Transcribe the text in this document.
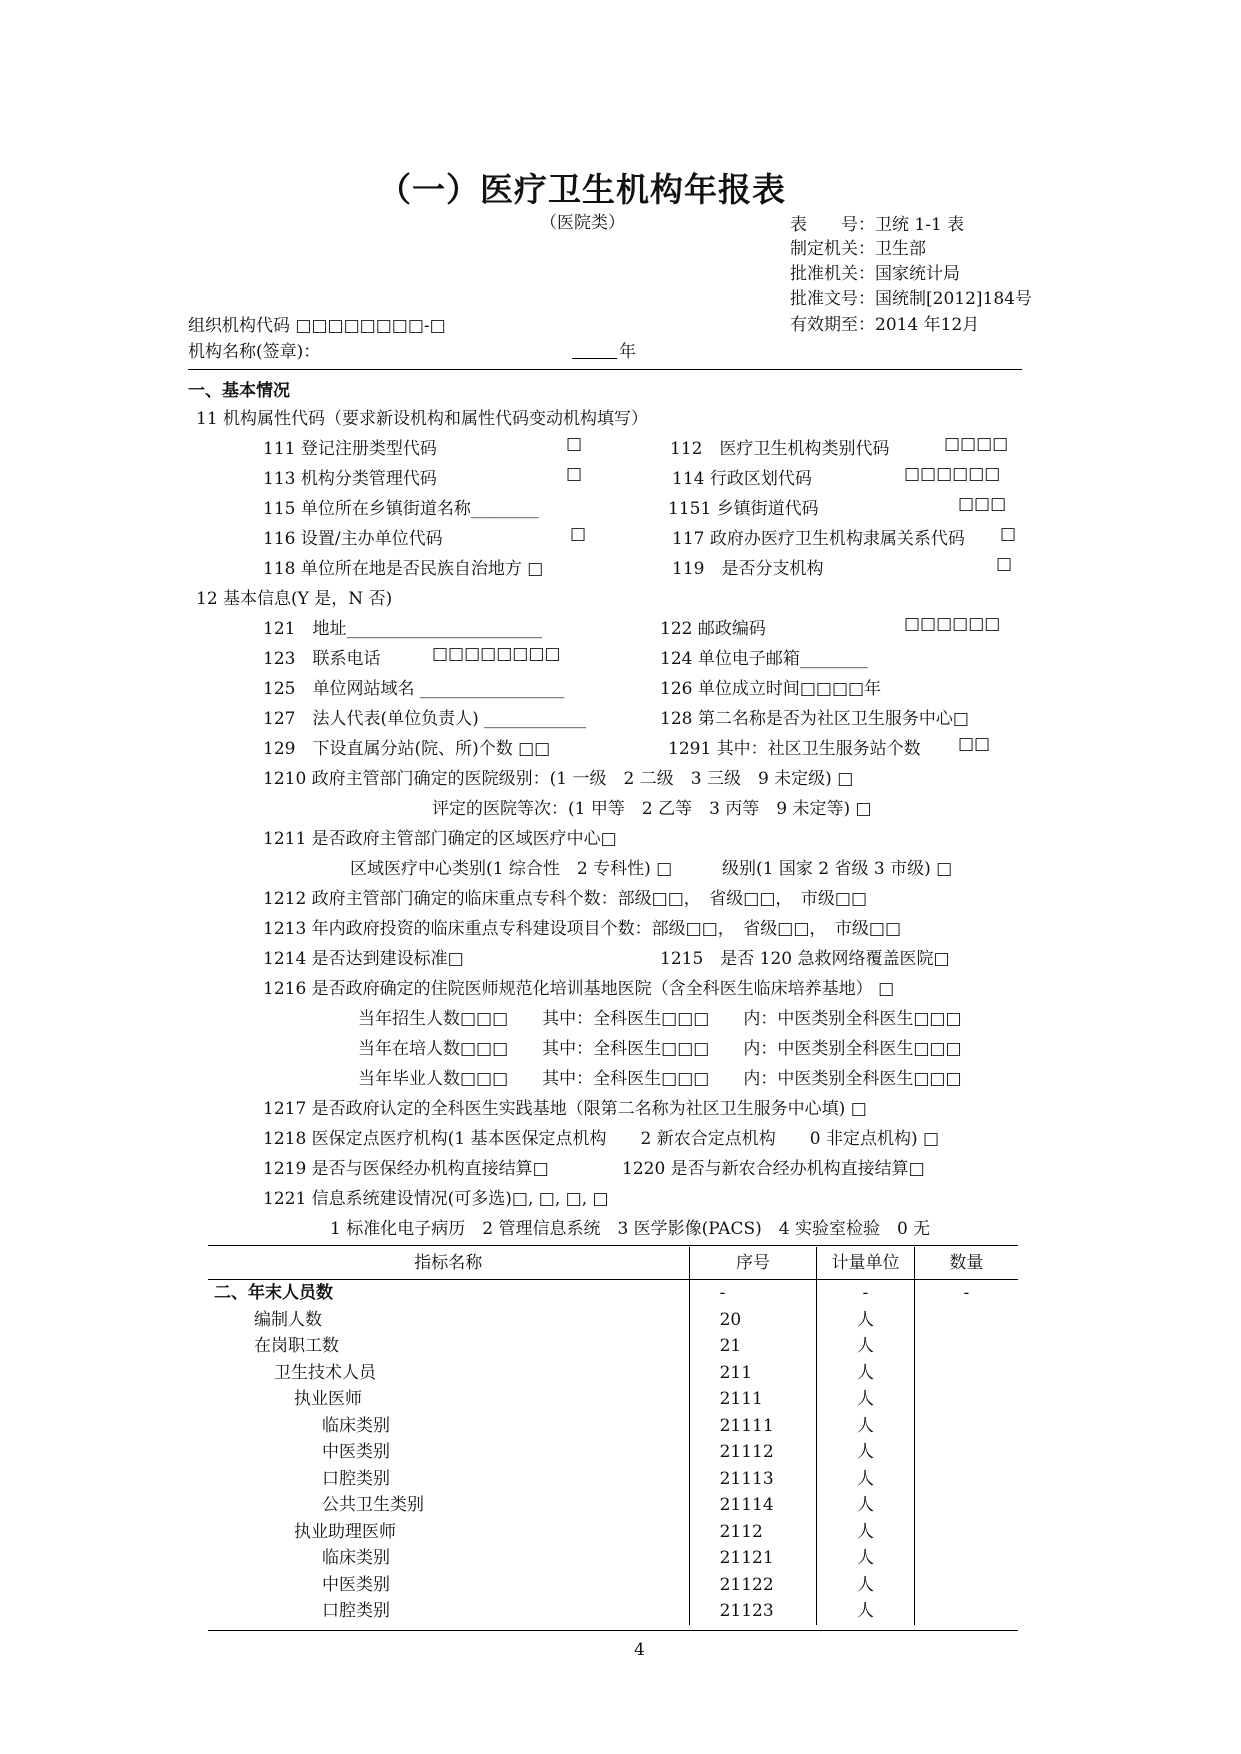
（一）医疗卫生机构年报表
（医院类）	表　　号：卫统 1-1 表
制定机关：卫生部
批准机关：国家统计局
批准文号：国统制[2012]184号
有效期至：2014 年12月
组织机构代码 □□□□□□□□-□
机构名称(签章)：	年
一、基本情况
11 机构属性代码（要求新设机构和属性代码变动机构填写）
111 登记注册类型代码	□	112　医疗卫生机构类别代码	□□□□
113 机构分类管理代码	□	114 行政区划代码	□□□□□□
115 单位所在乡镇街道名称________	1151 乡镇街道代码	□□□
116 设置/主办单位代码	□	117 政府办医疗卫生机构隶属关系代码 □
118 单位所在地是否民族自治地方 □	119　是否分支机构	□
12 基本信息(Y 是，N 否)
121　地址_______________________	122 邮政编码	□□□□□□
123　联系电话	□□□□□□□□	124 单位电子邮箱________
125　单位网站域名 _________________	126 单位成立时间□□□□年
127　法人代表(单位负责人) ____________	128 第二名称是否为社区卫生服务中心□
129　下设直属分站(院、所)个数 □□	1291 其中：社区卫生服务站个数 □□
1210 政府主管部门确定的医院级别：(1 一级　2 二级　3 三级　9 未定级) □
评定的医院等次：(1 甲等　2 乙等　3 丙等　9 未定等) □
1211 是否政府主管部门确定的区域医疗中心□
区域医疗中心类别(1 综合性　2 专科性) □	级别(1 国家 2 省级 3 市级) □
1212 政府主管部门确定的临床重点专科个数：部级□□，　省级□□，　市级□□
1213 年内政府投资的临床重点专科建设项目个数：部级□□，　省级□□，　市级□□
1214 是否达到建设标准□	1215　是否 120 急救网络覆盖医院□
1216 是否政府确定的住院医师规范化培训基地医院（含全科医生临床培养基地） □
当年招生人数□□□　　其中：全科医生□□□　　内：中医类别全科医生□□□
当年在培人数□□□　　其中：全科医生□□□　　内：中医类别全科医生□□□
当年毕业人数□□□　　其中：全科医生□□□　　内：中医类别全科医生□□□
1217 是否政府认定的全科医生实践基地（限第二名称为社区卫生服务中心填) □
1218 医保定点医疗机构(1 基本医保定点机构　　2 新农合定点机构　　0 非定点机构) □
1219 是否与医保经办机构直接结算□	1220 是否与新农合经办机构直接结算□
1221 信息系统建设情况(可多选)□, □, □, □
1 标准化电子病历　2 管理信息系统　3 医学影像(PACS)　4 实验室检验　0 无
指标名称	序号	计量单位	数量
二、年末人员数	-	-	-
编制人数	20	人	
在岗职工数	21	人	
卫生技术人员	211	人	
执业医师	2111	人	
临床类别	21111	人	
中医类别	21112	人	
口腔类别	21113	人	
公共卫生类别	21114	人	
执业助理医师	2112	人	
临床类别	21121	人	
中医类别	21122	人	
口腔类别	21123	人	
4
